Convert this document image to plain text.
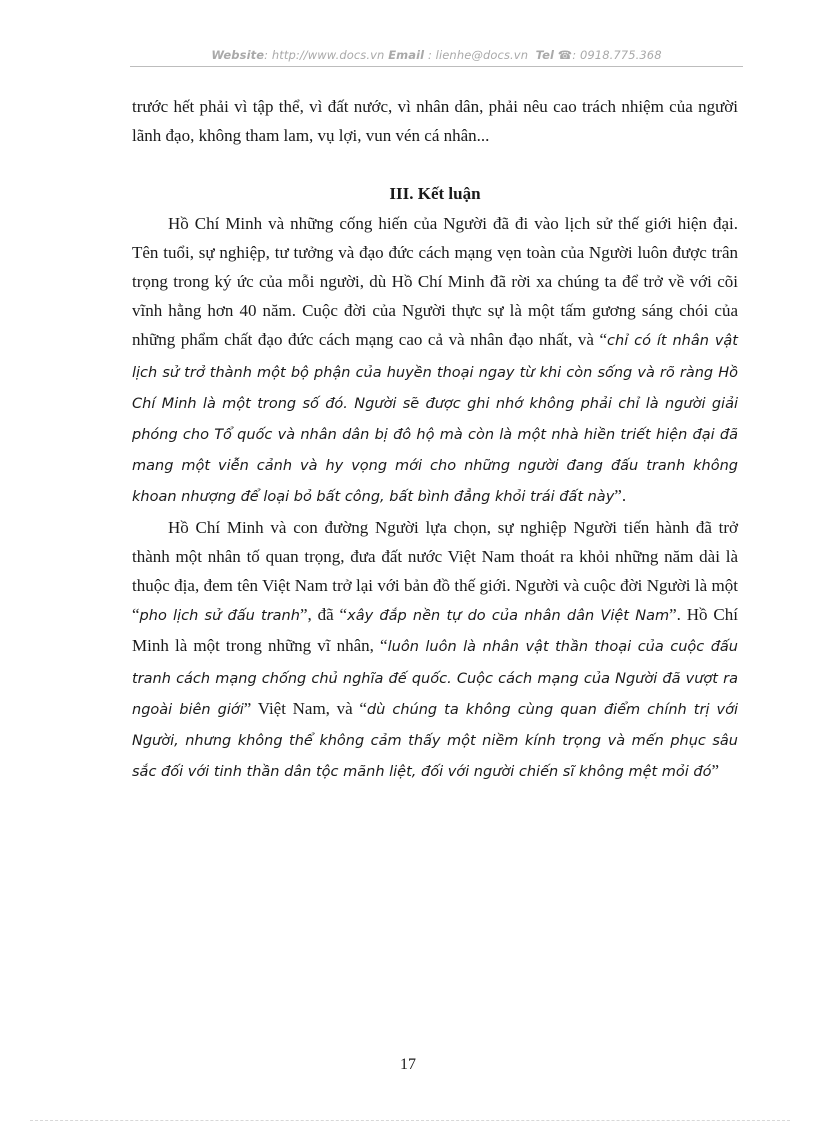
Website: http://www.docs.vn Email : lienhe@docs.vn Tel ☎: 0918.775.368

trước hết phải vì tập thể, vì đất nước, vì nhân dân, phải nêu cao trách nhiệm của người lãnh đạo, không tham lam, vụ lợi, vun vén cá nhân...

III. Kết luận

Hồ Chí Minh và những cống hiến của Người đã đi vào lịch sử thế giới hiện đại. Tên tuổi, sự nghiệp, tư tưởng và đạo đức cách mạng vẹn toàn của Người luôn được trân trọng trong ký ức của mỗi người, dù Hồ Chí Minh đã rời xa chúng ta để trở về với cõi vĩnh hằng hơn 40 năm. Cuộc đời của Người thực sự là một tấm gương sáng chói của những phẩm chất đạo đức cách mạng cao cả và nhân đạo nhất, và “chỉ có ít nhân vật lịch sử trở thành một bộ phận của huyền thoại ngay từ khi còn sống và rõ ràng Hồ Chí Minh là một trong số đó. Người sẽ được ghi nhớ không phải chỉ là người giải phóng cho Tổ quốc và nhân dân bị đô hộ mà còn là một nhà hiền triết hiện đại đã mang một viễn cảnh và hy vọng mới cho những người đang đấu tranh không khoan nhượng để loại bỏ bất công, bất bình đẳng khỏi trái đất này”.

Hồ Chí Minh và con đường Người lựa chọn, sự nghiệp Người tiến hành đã trở thành một nhân tố quan trọng, đưa đất nước Việt Nam thoát ra khỏi những năm dài là thuộc địa, đem tên Việt Nam trở lại với bản đồ thế giới. Người và cuộc đời Người là một “pho lịch sử đấu tranh”, đã “xây đắp nền tự do của nhân dân Việt Nam”. Hồ Chí Minh là một trong những vĩ nhân, “luôn luôn là nhân vật thần thoại của cuộc đấu tranh cách mạng chống chủ nghĩa đế quốc. Cuộc cách mạng của Người đã vượt ra ngoài biên giới” Việt Nam, và “dù chúng ta không cùng quan điểm chính trị với Người, nhưng không thể không cảm thấy một niềm kính trọng và mến phục sâu sắc đối với tinh thần dân tộc mãnh liệt, đối với người chiến sĩ không mệt mỏi đó”

17
